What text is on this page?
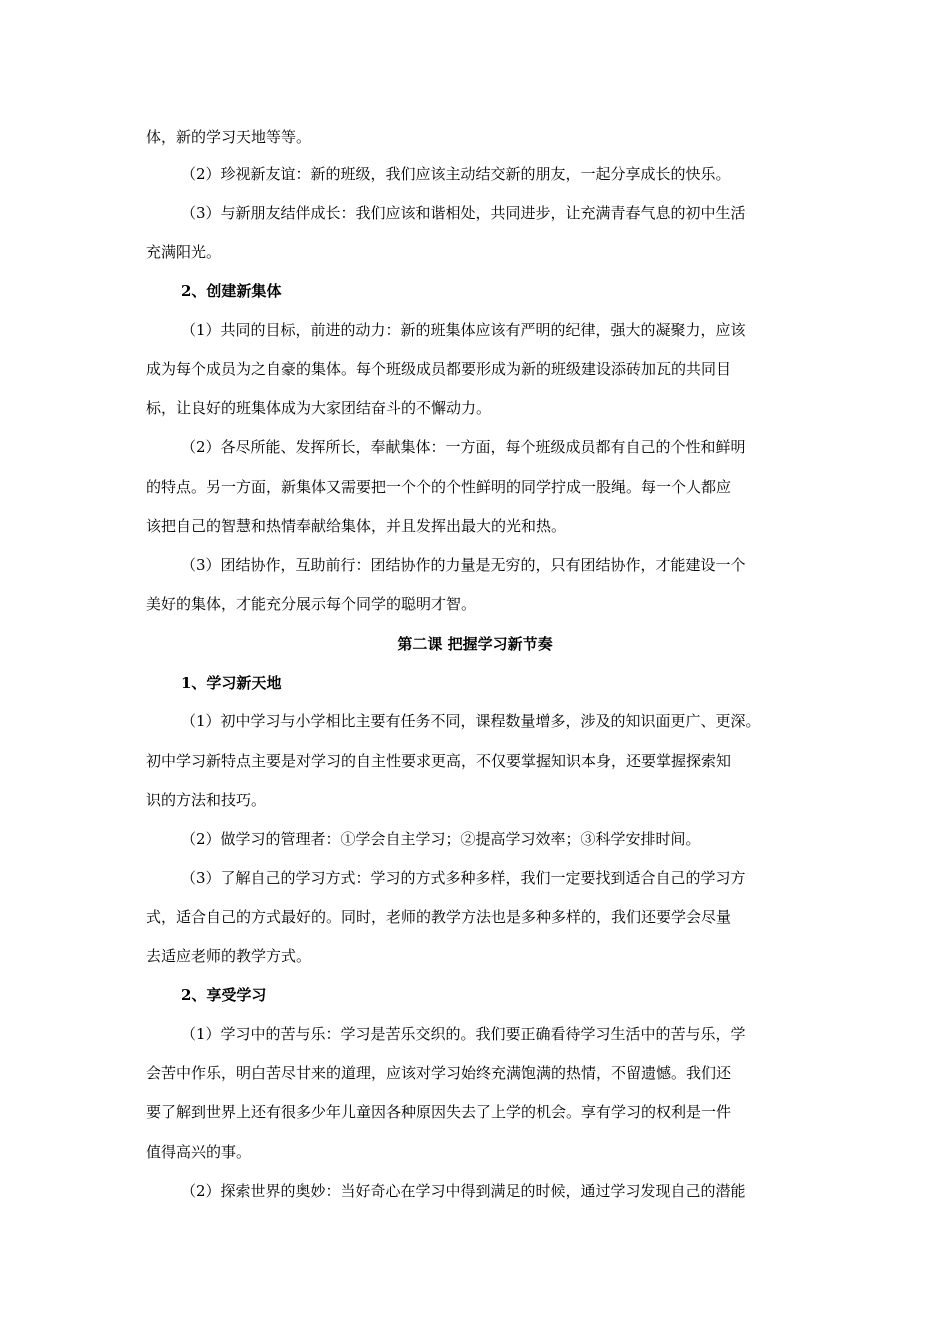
体，新的学习天地等等。

（2）珍视新友谊：新的班级，我们应该主动结交新的朋友，一起分享成长的快乐。

（3）与新朋友结伴成长：我们应该和谐相处，共同进步，让充满青春气息的初中生活

充满阳光。

2、创建新集体

（1）共同的目标，前进的动力：新的班集体应该有严明的纪律，强大的凝聚力，应该

成为每个成员为之自豪的集体。每个班级成员都要形成为新的班级建设添砖加瓦的共同目

标，让良好的班集体成为大家团结奋斗的不懈动力。

（2）各尽所能、发挥所长，奉献集体：一方面，每个班级成员都有自己的个性和鲜明

的特点。另一方面，新集体又需要把一个个的个性鲜明的同学拧成一股绳。每一个人都应

该把自己的智慧和热情奉献给集体，并且发挥出最大的光和热。

（3）团结协作，互助前行：团结协作的力量是无穷的，只有团结协作，才能建设一个

美好的集体，才能充分展示每个同学的聪明才智。

第二课 把握学习新节奏
1、学习新天地

（1）初中学习与小学相比主要有任务不同，课程数量增多，涉及的知识面更广、更深。

初中学习新特点主要是对学习的自主性要求更高，不仅要掌握知识本身，还要掌握探索知

识的方法和技巧。

（2）做学习的管理者：①学会自主学习；②提高学习效率；③科学安排时间。

（3）了解自己的学习方式：学习的方式多种多样，我们一定要找到适合自己的学习方

式，适合自己的方式最好的。同时，老师的教学方法也是多种多样的，我们还要学会尽量

去适应老师的教学方式。

2、享受学习

（1）学习中的苦与乐：学习是苦乐交织的。我们要正确看待学习生活中的苦与乐，学

会苦中作乐，明白苦尽甘来的道理，应该对学习始终充满饱满的热情，不留遗憾。我们还

要了解到世界上还有很多少年儿童因各种原因失去了上学的机会。享有学习的权利是一件

值得高兴的事。

（2）探索世界的奥妙：当好奇心在学习中得到满足的时候，通过学习发现自己的潜能
